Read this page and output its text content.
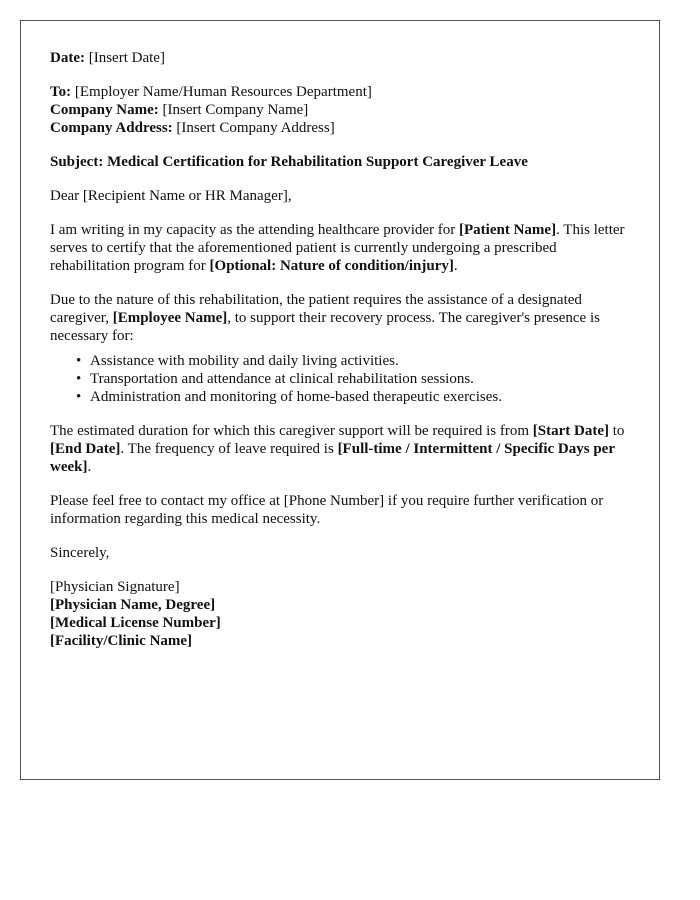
Date: [Insert Date]
To: [Employer Name/Human Resources Department]
Company Name: [Insert Company Name]
Company Address: [Insert Company Address]

Subject: Medical Certification for Rehabilitation Support Caregiver Leave

Dear [Recipient Name or HR Manager],

I am writing in my capacity as the attending healthcare provider for [Patient Name]. This letter serves to certify that the aforementioned patient is currently undergoing a prescribed rehabilitation program for [Optional: Nature of condition/injury].

Due to the nature of this rehabilitation, the patient requires the assistance of a designated caregiver, [Employee Name], to support their recovery process. The caregiver's presence is necessary for:

• Assistance with mobility and daily living activities.
• Transportation and attendance at clinical rehabilitation sessions.
• Administration and monitoring of home-based therapeutic exercises.

The estimated duration for which this caregiver support will be required is from [Start Date] to [End Date]. The frequency of leave required is [Full-time / Intermittent / Specific Days per week].

Please feel free to contact my office at [Phone Number] if you require further verification or information regarding this medical necessity.

Sincerely,

[Physician Signature]
[Physician Name, Degree]
[Medical License Number]
[Facility/Clinic Name]
